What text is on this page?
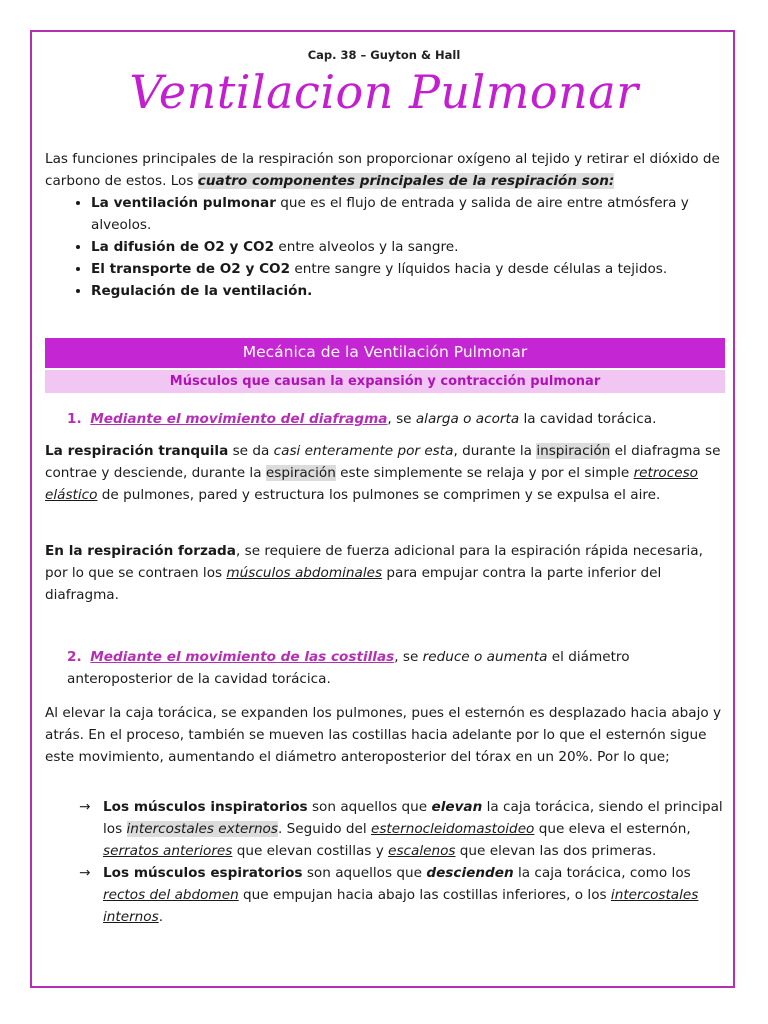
Cap. 38 – Guyton & Hall
Ventilacion Pulmonar

Las funciones principales de la respiración son proporcionar oxígeno al tejido y retirar el dióxido de carbono de estos. Los cuatro componentes principales de la respiración son:

• La ventilación pulmonar que es el flujo de entrada y salida de aire entre atmósfera y alveolos.
• La difusión de O2 y CO2 entre alveolos y la sangre.
• El transporte de O2 y CO2 entre sangre y líquidos hacia y desde células a tejidos.
• Regulación de la ventilación.
Mecánica de la Ventilación Pulmonar
Músculos que causan la expansión y contracción pulmonar

1. Mediante el movimiento del diafragma, se alarga o acorta la cavidad torácica.

La respiración tranquila se da casi enteramente por esta, durante la inspiración el diafragma se contrae y desciende, durante la espiración este simplemente se relaja y por el simple retroceso elástico de pulmones, pared y estructura los pulmones se comprimen y se expulsa el aire.

En la respiración forzada, se requiere de fuerza adicional para la espiración rápida necesaria, por lo que se contraen los músculos abdominales para empujar contra la parte inferior del diafragma.

2. Mediante el movimiento de las costillas, se reduce o aumenta el diámetro anteroposterior de la cavidad torácica.

Al elevar la caja torácica, se expanden los pulmones, pues el esternón es desplazado hacia abajo y atrás. En el proceso, también se mueven las costillas hacia adelante por lo que el esternón sigue este movimiento, aumentando el diámetro anteroposterior del tórax en un 20%. Por lo que;

→ Los músculos inspiratorios son aquellos que elevan la caja torácica, siendo el principal los intercostales externos. Seguido del esternocleidomastoideo que eleva el esternón, serratos anteriores que elevan costillas y escalenos que elevan las dos primeras.
→ Los músculos espiratorios son aquellos que descienden la caja torácica, como los rectos del abdomen que empujan hacia abajo las costillas inferiores, o los intercostales internos.
